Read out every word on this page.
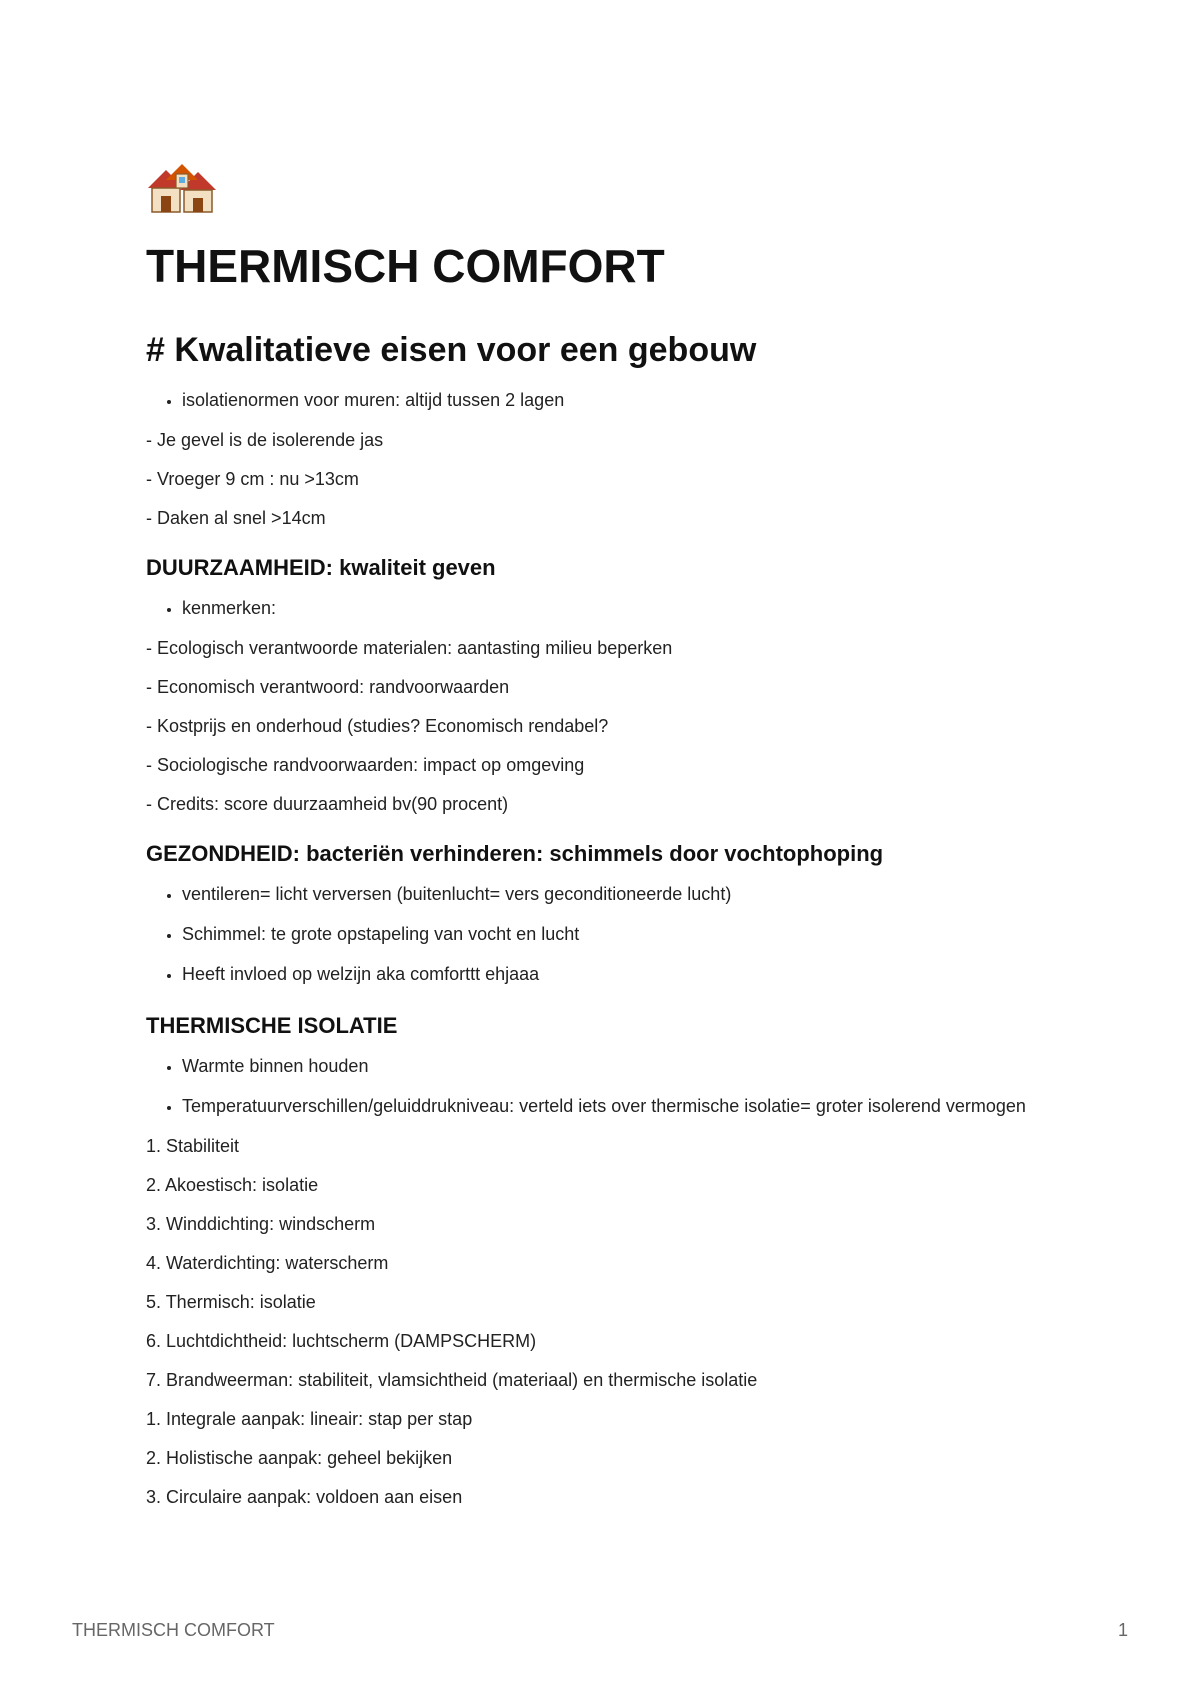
THERMISCH COMFORT
# Kwalitatieve eisen voor een gebouw
• isolatienormen voor muren: altijd tussen 2 lagen
- Je gevel is de isolerende jas
- Vroeger 9 cm : nu >13cm
- Daken al snel >14cm
DUURZAAMHEID: kwaliteit geven
• kenmerken:
- Ecologisch verantwoorde materialen: aantasting milieu beperken
- Economisch verantwoord: randvoorwaarden
- Kostprijs en onderhoud (studies? Economisch rendabel?
- Sociologische randvoorwaarden: impact op omgeving
- Credits: score duurzaamheid bv(90 procent)
GEZONDHEID: bacteriën verhinderen: schimmels door vochtophoping
• ventileren= licht verversen (buitenlucht= vers geconditioneerde lucht)
• Schimmel: te grote opstapeling van vocht en lucht
• Heeft invloed op welzijn aka comforttt ehjaaa
THERMISCHE ISOLATIE
• Warmte binnen houden
• Temperatuurverschillen/geluiddrukniveau: verteld iets over thermische isolatie= groter isolerend vermogen
1. Stabiliteit
2. Akoestisch: isolatie
3. Winddichting: windscherm
4. Waterdichting: waterscherm
5. Thermisch: isolatie
6. Luchtdichtheid: luchtscherm (DAMPSCHERM)
7. Brandweerman: stabiliteit, vlamsichtheid (materiaal) en thermische isolatie
1. Integrale aanpak: lineair: stap per stap
2. Holistische aanpak: geheel bekijken
3. Circulaire aanpak: voldoen aan eisen
THERMISCH COMFORT	1
